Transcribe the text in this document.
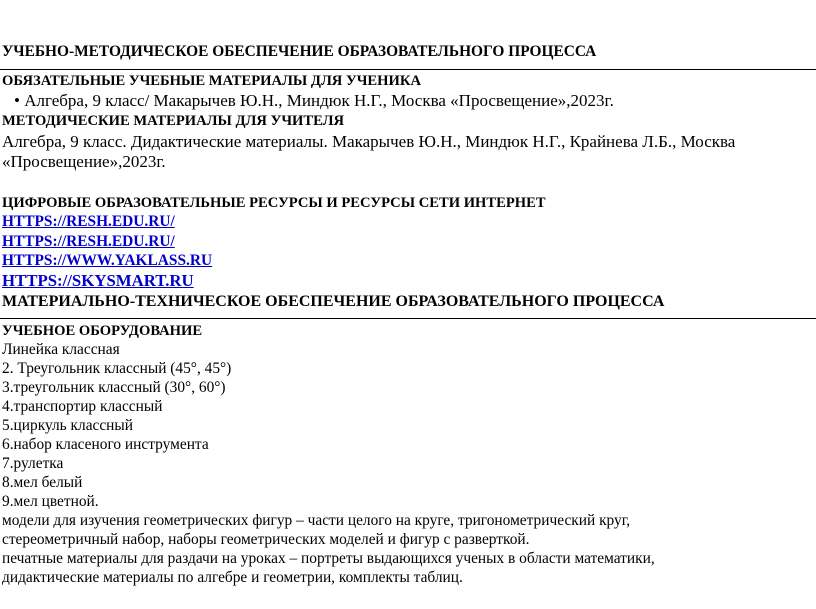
УЧЕБНО-МЕТОДИЧЕСКОЕ ОБЕСПЕЧЕНИЕ ОБРАЗОВАТЕЛЬНОГО ПРОЦЕССА
ОБЯЗАТЕЛЬНЫЕ УЧЕБНЫЕ МАТЕРИАЛЫ ДЛЯ УЧЕНИКА
• Алгебра, 9 класс/ Макарычев Ю.Н., Миндюк Н.Г., Москва «Просвещение»,2023г.
МЕТОДИЧЕСКИЕ МАТЕРИАЛЫ ДЛЯ УЧИТЕЛЯ
Алгебра, 9 класс. Дидактические материалы. Макарычев Ю.Н., Миндюк Н.Г., Крайнева Л.Б., Москва
«Просвещение»,2023г.
ЦИФРОВЫЕ ОБРАЗОВАТЕЛЬНЫЕ РЕСУРСЫ И РЕСУРСЫ СЕТИ ИНТЕРНЕТ
HTTPS://RESH.EDU.RU/
HTTPS://RESH.EDU.RU/
HTTPS://WWW.YAKLASS.RU
HTTPS://SKYSMART.RU
МАТЕРИАЛЬНО-ТЕХНИЧЕСКОЕ ОБЕСПЕЧЕНИЕ ОБРАЗОВАТЕЛЬНОГО ПРОЦЕССА
УЧЕБНОЕ ОБОРУДОВАНИЕ
Линейка классная
2. Треугольник классный (45°, 45°)
3.треугольник классный (30°, 60°)
4.транспортир классный
5.циркуль классный
6.набор класеного инструмента
7.рулетка
8.мел белый
9.мел цветной.
модели для изучения геометрических фигур – части целого на круге, тригонометрический круг,
стереометричный набор, наборы геометрических моделей и фигур с разверткой.
печатные материалы для раздачи на уроках – портреты выдающихся ученых в области математики,
дидактические материалы по алгебре и геометрии, комплекты таблиц.
